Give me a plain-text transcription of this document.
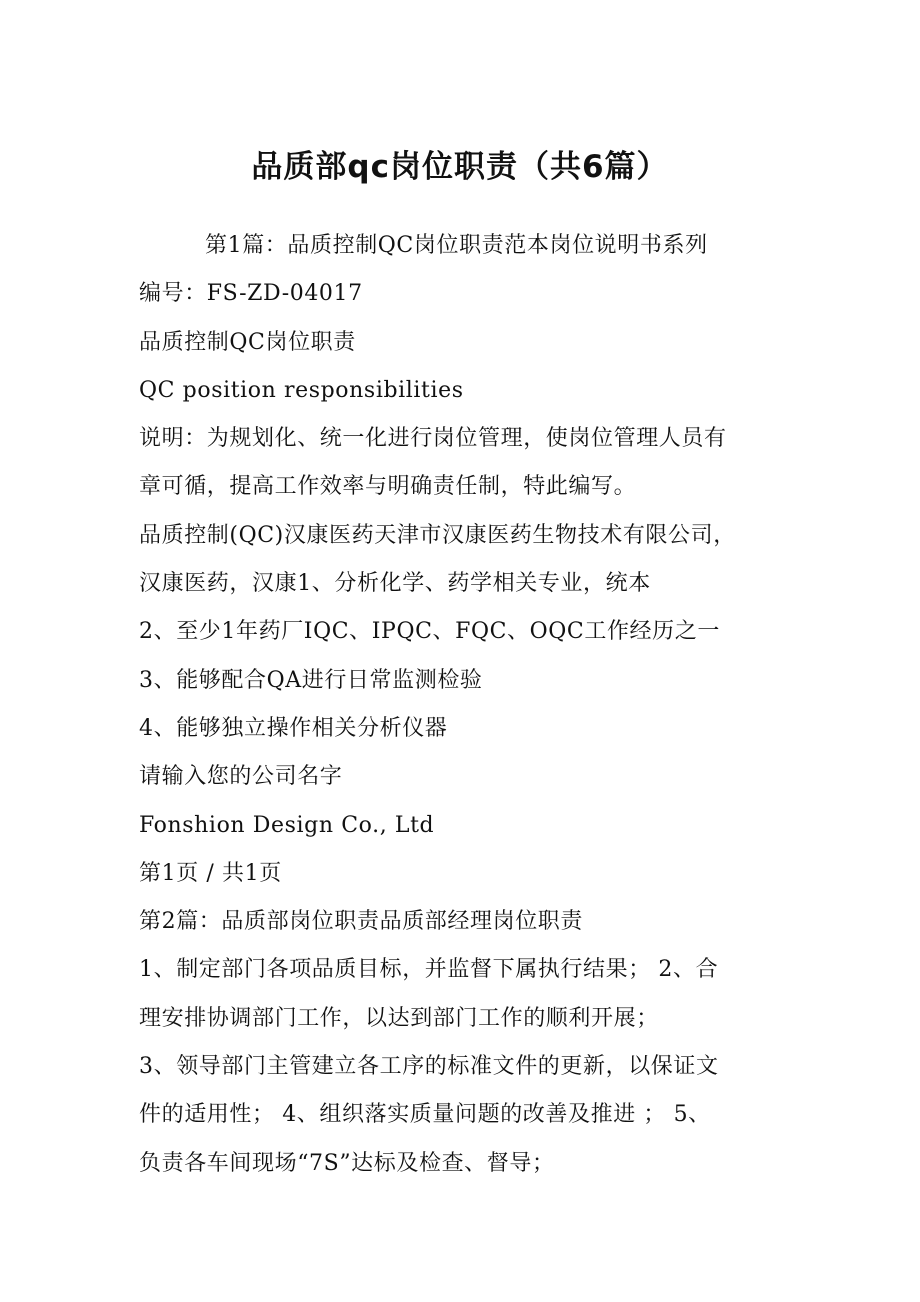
品质部qc岗位职责（共6篇）

第1篇：品质控制QC岗位职责范本岗位说明书系列

编号：FS-ZD-04017

品质控制QC岗位职责

QC position responsibilities

说明：为规划化、统一化进行岗位管理，使岗位管理人员有

章可循，提高工作效率与明确责任制，特此编写。

品质控制(QC)汉康医药天津市汉康医药生物技术有限公司，

汉康医药，汉康1、分析化学、药学相关专业，统本

2、至少1年药厂IQC、IPQC、FQC、OQC工作经历之一

3、能够配合QA进行日常监测检验

4、能够独立操作相关分析仪器

请输入您的公司名字

Fonshion Design Co., Ltd

第1页 / 共1页

第2篇：品质部岗位职责品质部经理岗位职责

1、制定部门各项品质目标，并监督下属执行结果； 2、合

理安排协调部门工作，以达到部门工作的顺利开展；

3、领导部门主管建立各工序的标准文件的更新，以保证文

件的适用性； 4、组织落实质量问题的改善及推进 ； 5、

负责各车间现场“7S”达标及检查、督导；
